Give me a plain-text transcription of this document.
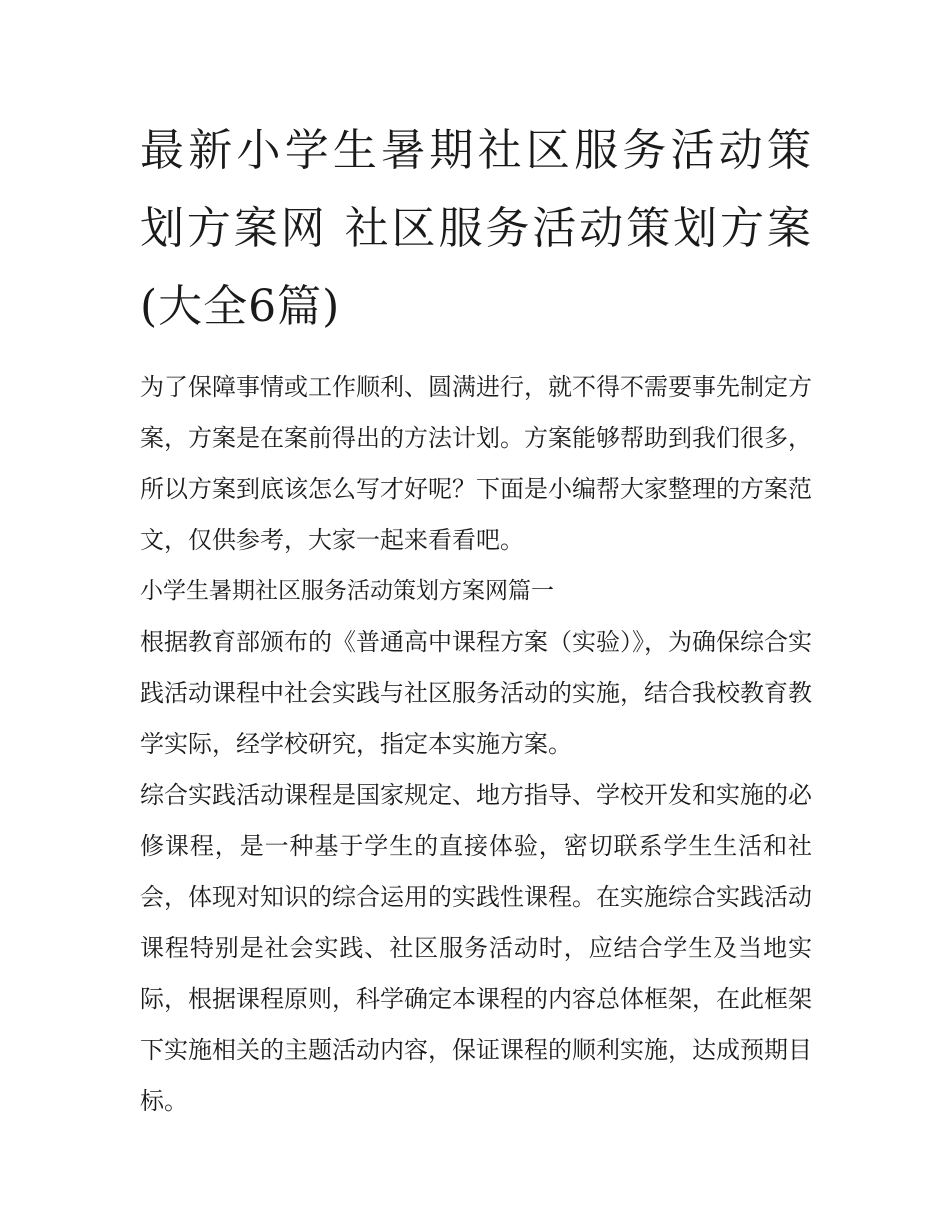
最新小学生暑期社区服务活动策划方案网 社区服务活动策划方案(大全6篇)

为了保障事情或工作顺利、圆满进行，就不得不需要事先制定方案，方案是在案前得出的方法计划。方案能够帮助到我们很多，所以方案到底该怎么写才好呢？下面是小编帮大家整理的方案范文，仅供参考，大家一起来看看吧。

小学生暑期社区服务活动策划方案网篇一

根据教育部颁布的《普通高中课程方案（实验）》，为确保综合实践活动课程中社会实践与社区服务活动的实施，结合我校教育教学实际，经学校研究，指定本实施方案。

综合实践活动课程是国家规定、地方指导、学校开发和实施的必修课程，是一种基于学生的直接体验，密切联系学生生活和社会，体现对知识的综合运用的实践性课程。在实施综合实践活动课程特别是社会实践、社区服务活动时，应结合学生及当地实际，根据课程原则，科学确定本课程的内容总体框架，在此框架下实施相关的主题活动内容，保证课程的顺利实施，达成预期目标。
